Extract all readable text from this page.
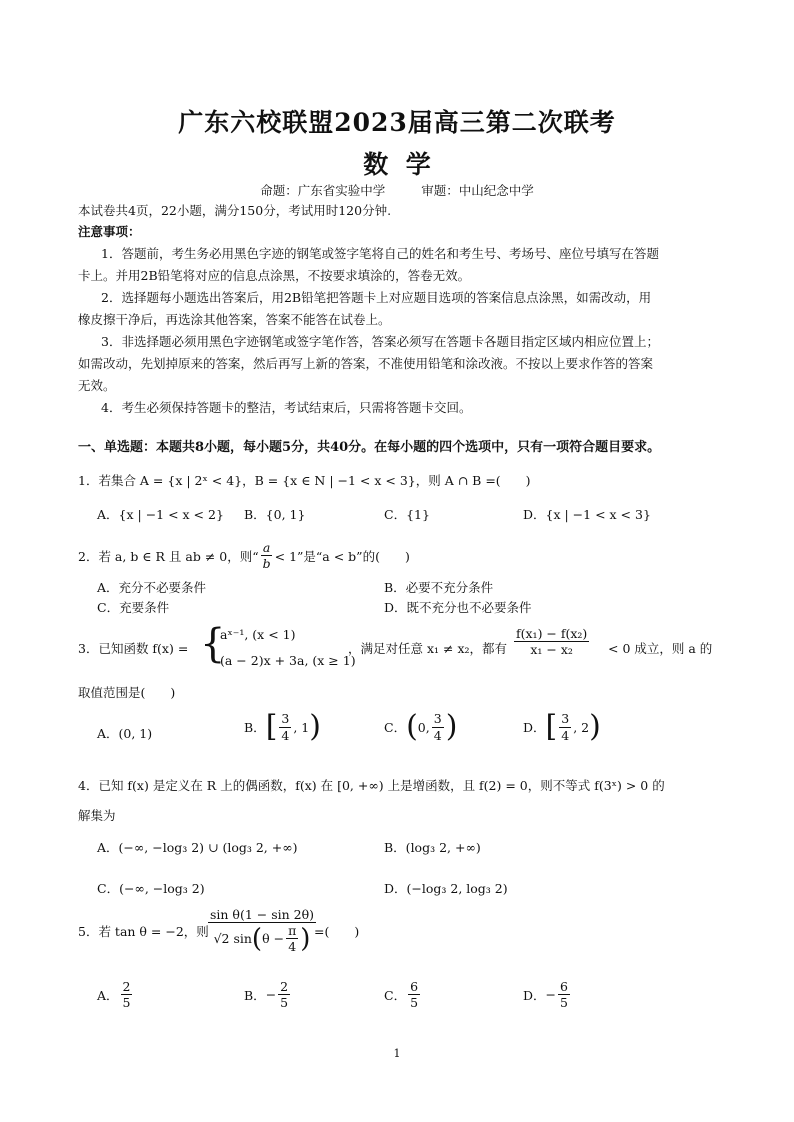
广东六校联盟2023届高三第二次联考
数  学
命题：广东省实验中学	审题：中山纪念中学
本试卷共4页，22小题，满分150分，考试用时120分钟.
注意事项：
1．答题前，考生务必用黑色字迹的钢笔或签字笔将自己的姓名和考生号、考场号、座位号填写在答题
卡上。并用2B铅笔将对应的信息点涂黑，不按要求填涂的，答卷无效。
2．选择题每小题选出答案后，用2B铅笔把答题卡上对应题目选项的答案信息点涂黑，如需改动，用
橡皮擦干净后，再选涂其他答案，答案不能答在试卷上。
3．非选择题必须用黑色字迹钢笔或签字笔作答，答案必须写在答题卡各题目指定区域内相应位置上；
如需改动，先划掉原来的答案，然后再写上新的答案，不准使用铅笔和涂改液。不按以上要求作答的答案
无效。
4．考生必须保持答题卡的整洁，考试结束后，只需将答题卡交回。
一、单选题：本题共8小题，每小题5分，共40分。在每小题的四个选项中，只有一项符合题目要求。
1．若集合 A = {x | 2ˣ < 4}，B = {x ∈ N | −1 < x < 3}，则 A ∩ B =(　　)
A．{x | −1 < x < 2} B．{0, 1}	C．{1}	D．{x | −1 < x < 3}
2．若 a, b ∈ R 且 ab ≠ 0，则“ $\frac{a}{b} < 1$”是“a < b”的(　　)
A．充分不必要条件	B．必要不充分条件
C．充要条件	D．既不充分也不必要条件
3．已知函数 f(x) = {
aˣ⁻¹, (x < 1)
(a − 2)x + 3a, (x ≥ 1)
，满足对任意 x₁ ≠ x₂，都有 $\frac{\text{f(x₁) − f(x₂)}}{\text{x₁ − x₂}} < 0$ 成立，则 a 的
取值范围是(　　)
A．(0, 1)	B． [ $\frac{3}{4}$ , 1 )	C． ( 0, $\frac{3}{4}$ )	D． [ $\frac{3}{4}$ , 2 )
4．已知 f(x) 是定义在 R 上的偶函数，f(x) 在 [0, +∞) 上是增函数，且 f(2) = 0，则不等式 f(3ˣ) > 0 的
解集为
A．(−∞, −log₃ 2) ∪ (log₃ 2, +∞)	B．(log₃ 2, +∞)
C．(−∞, −log₃ 2)	D．(−log₃ 2, log₃ 2)
5．若 tan θ = −2，则 $\frac{\text{sin θ(1 − sin 2θ)}}{√2 \sin ( \theta - \frac{\pi}{4} )}$
=(　　)
A． $\frac{2}{5}$	B． − $\frac{2}{5}$	C． $\frac{6}{5}$	D． − $\frac{6}{5}$
1
